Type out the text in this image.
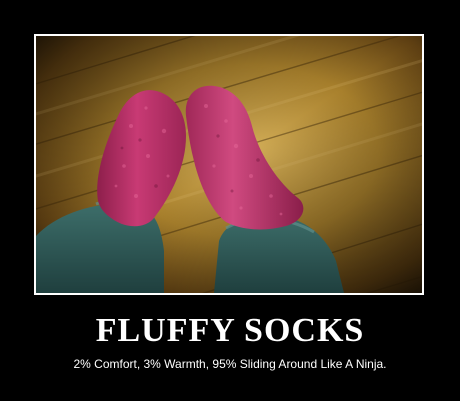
FLUFFY SOCKS

2% Comfort, 3% Warmth, 95% Sliding Around Like A Ninja.
